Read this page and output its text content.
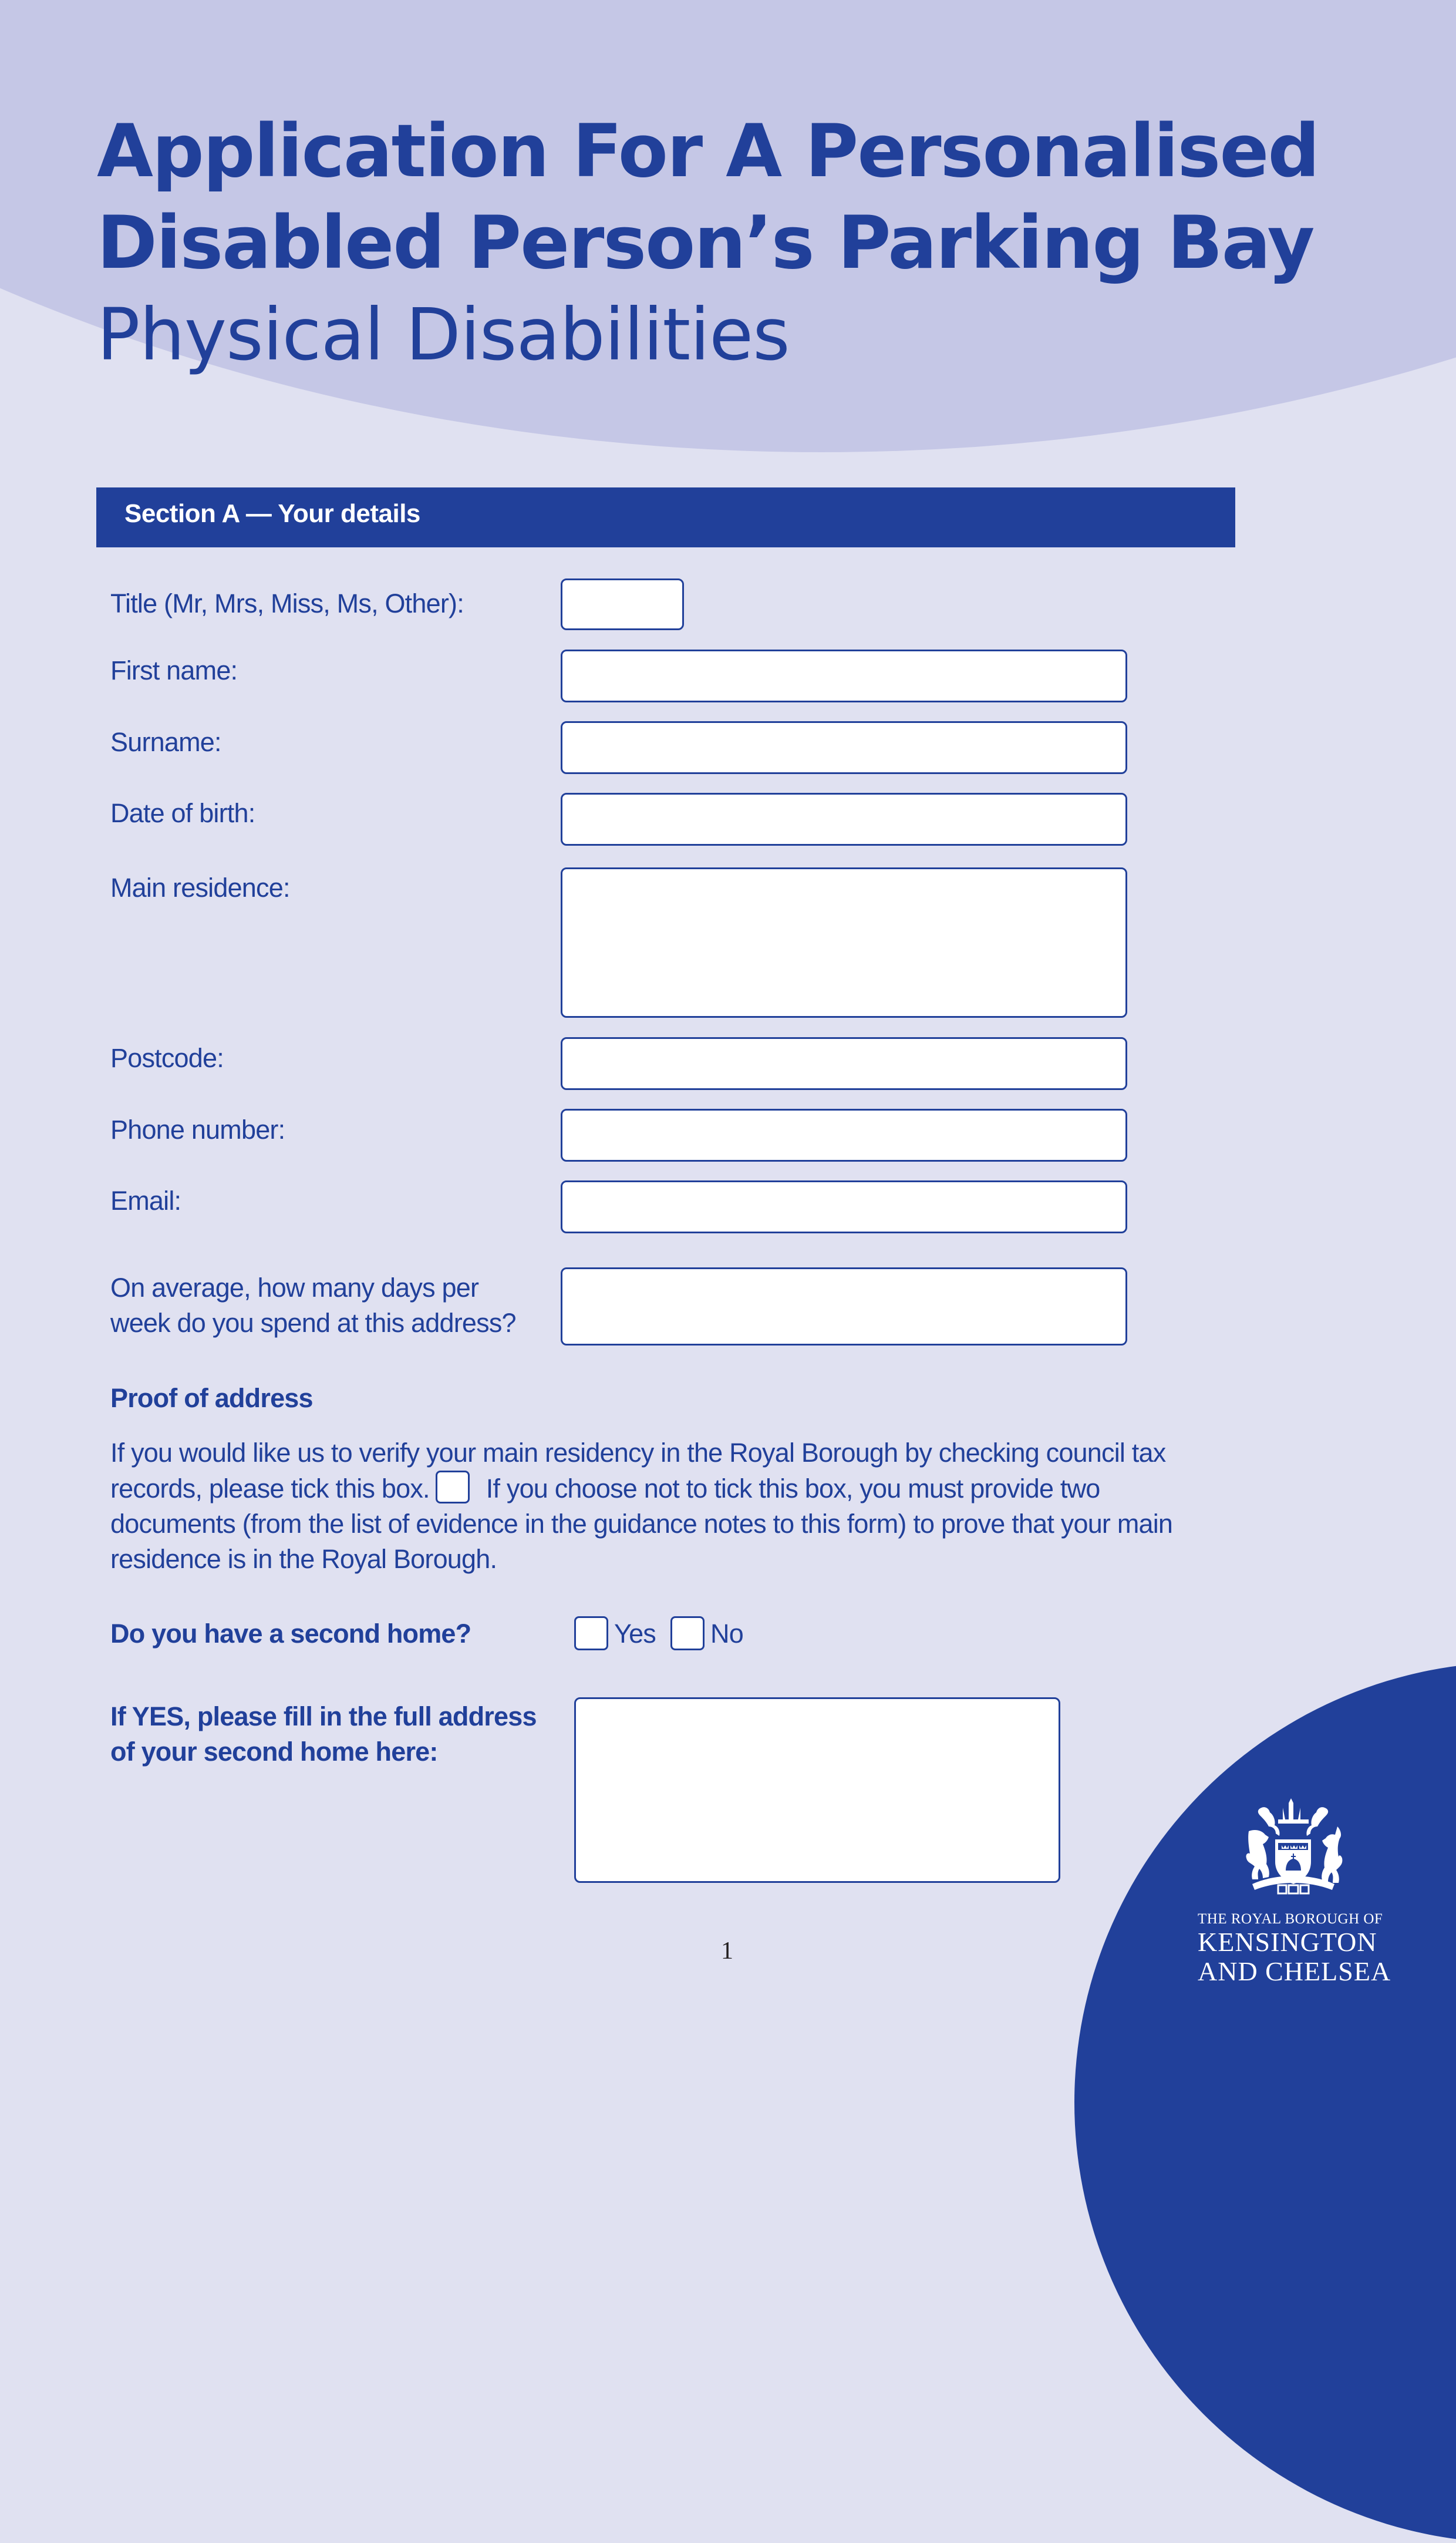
Application For A Personalised
Disabled Person’s Parking Bay
Physical Disabilities
Section A — Your details
Title (Mr, Mrs, Miss, Ms, Other):
First name:
Surname:
Date of birth:
Main residence:
Postcode:
Phone number:
Email:
On average, how many days per
week do you spend at this address?
Proof of address
If you would like us to verify your main residency in the Royal Borough by checking council tax records, please tick this box. If you choose not to tick this box, you must provide two documents (from the list of evidence in the guidance notes to this form) to prove that your main residence is in the Royal Borough.
Do you have a second home?	Yes No
If YES, please fill in the full address
of your second home here:
1
THE ROYAL BOROUGH OF
KENSINGTON
AND CHELSEA
